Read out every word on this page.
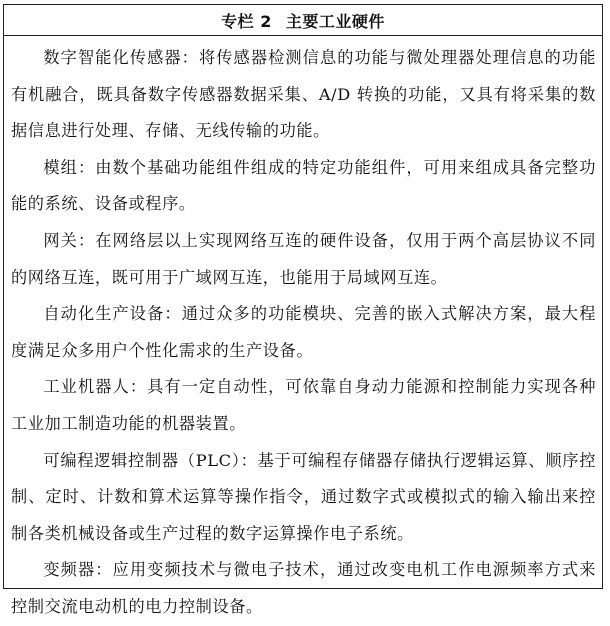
专栏 2 主要工业硬件

数字智能化传感器：将传感器检测信息的功能与微处理器处理信息的功能有机融合，既具备数字传感器数据采集、A/D 转换的功能，又具有将采集的数据信息进行处理、存储、无线传输的功能。

模组：由数个基础功能组件组成的特定功能组件，可用来组成具备完整功能的系统、设备或程序。

网关：在网络层以上实现网络互连的硬件设备，仅用于两个高层协议不同的网络互连，既可用于广域网互连，也能用于局域网互连。

自动化生产设备：通过众多的功能模块、完善的嵌入式解决方案，最大程度满足众多用户个性化需求的生产设备。

工业机器人：具有一定自动性，可依靠自身动力能源和控制能力实现各种工业加工制造功能的机器装置。

可编程逻辑控制器（PLC）：基于可编程存储器存储执行逻辑运算、顺序控制、定时、计数和算术运算等操作指令，通过数字式或模拟式的输入输出来控制各类机械设备或生产过程的数字运算操作电子系统。

变频器：应用变频技术与微电子技术，通过改变电机工作电源频率方式来控制交流电动机的电力控制设备。
